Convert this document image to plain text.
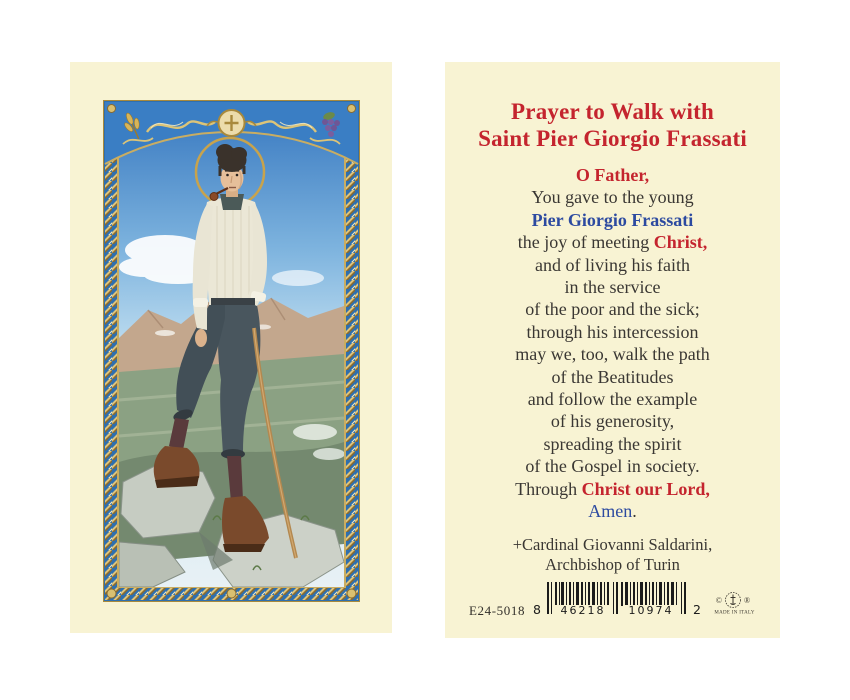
Prayer to Walk with
Saint Pier Giorgio Frassati
O Father,
You gave to the young
Pier Giorgio Frassati
the joy of meeting Christ,
and of living his faith
in the service
of the poor and the sick;
through his intercession
may we, too, walk the path
of the Beatitudes
and follow the example
of his generosity,
spreading the spirit
of the Gospel in society.
Through Christ our Lord,
Amen.
+Cardinal Giovanni Saldarini,
Archbishop of Turin
E24-5018 8	46218	10974	2
©	®
MADE IN ITALY
